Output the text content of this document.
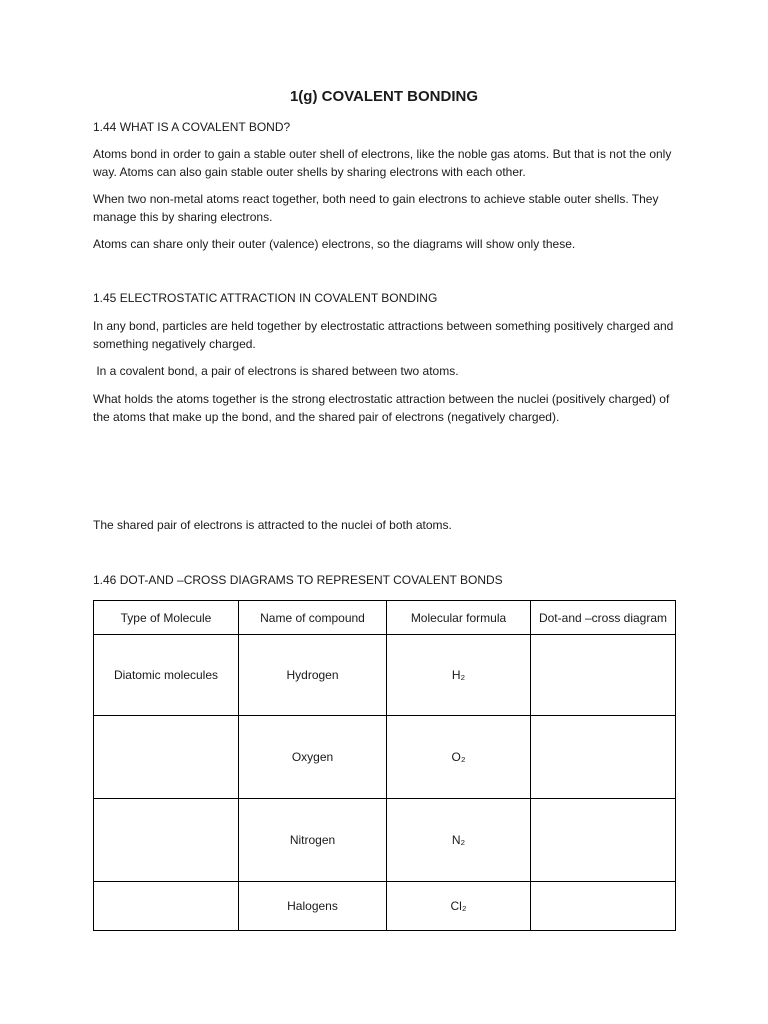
1(g) COVALENT BONDING
1.44 WHAT IS A COVALENT BOND?

Atoms bond in order to gain a stable outer shell of electrons, like the noble gas atoms. But that is not the only way. Atoms can also gain stable outer shells by sharing electrons with each other.

When two non-metal atoms react together, both need to gain electrons to achieve stable outer shells. They manage this by sharing electrons.

Atoms can share only their outer (valence) electrons, so the diagrams will show only these.

1.45 ELECTROSTATIC ATTRACTION IN COVALENT BONDING

In any bond, particles are held together by electrostatic attractions between something positively charged and something negatively charged.

In a covalent bond, a pair of electrons is shared between two atoms.

What holds the atoms together is the strong electrostatic attraction between the nuclei (positively charged) of the atoms that make up the bond, and the shared pair of electrons (negatively charged).

The shared pair of electrons is attracted to the nuclei of both atoms.

1.46 DOT-AND –CROSS DIAGRAMS TO REPRESENT COVALENT BONDS
Type of Molecule	Name of compound	Molecular formula	Dot-and –cross diagram
Diatomic molecules	Hydrogen	H₂	
	Oxygen	O₂	
	Nitrogen	N₂	
	Halogens	Cl₂	
